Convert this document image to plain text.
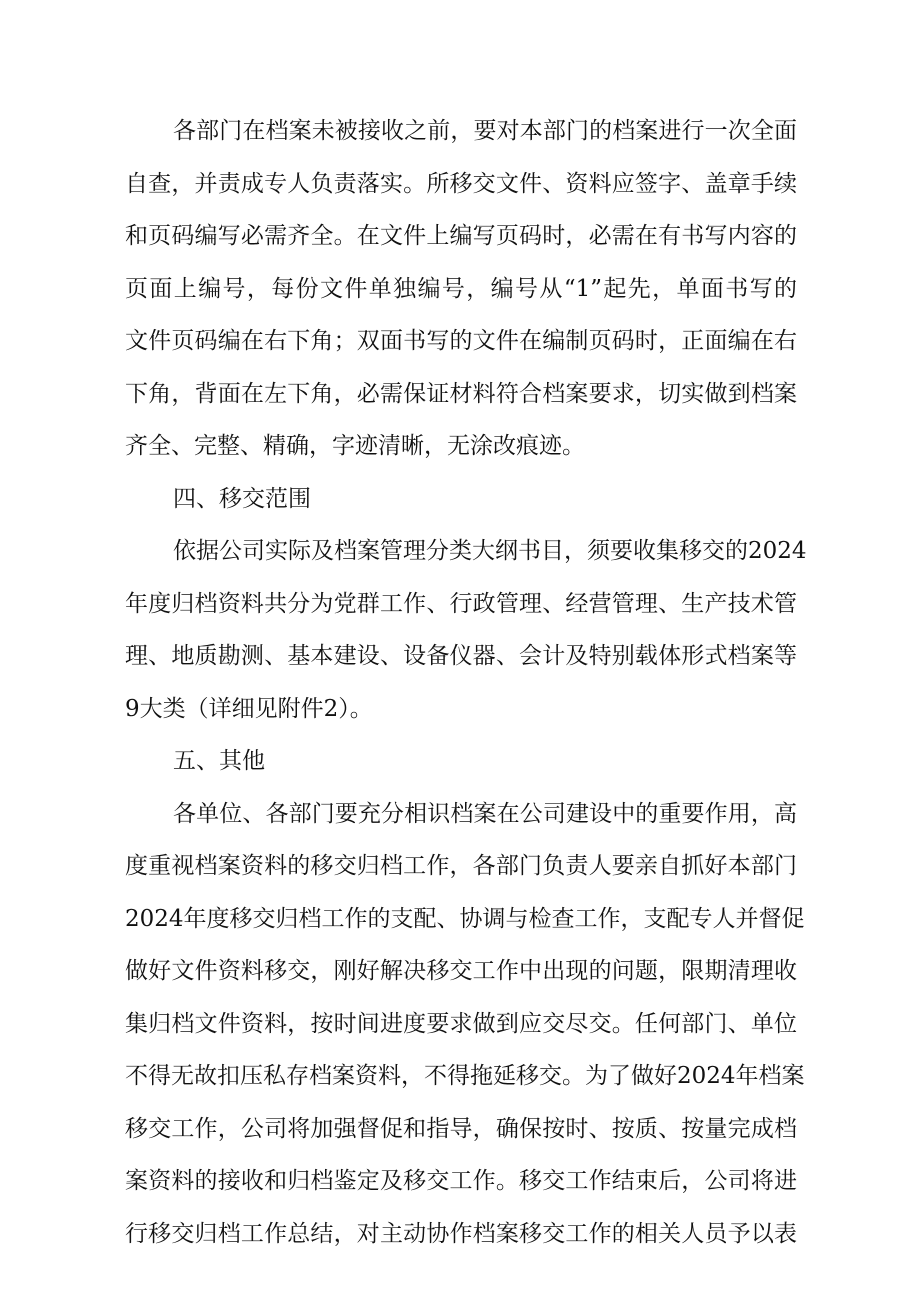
各部门在档案未被接收之前，要对本部门的档案进行一次全面
自查，并责成专人负责落实。所移交文件、资料应签字、盖章手续
和页码编写必需齐全。在文件上编写页码时，必需在有书写内容的
页面上编号，每份文件单独编号，编号从“1”起先，单面书写的
文件页码编在右下角；双面书写的文件在编制页码时，正面编在右
下角，背面在左下角，必需保证材料符合档案要求，切实做到档案
齐全、完整、精确，字迹清晰，无涂改痕迹。
四、移交范围
依据公司实际及档案管理分类大纲书目，须要收集移交的2024
年度归档资料共分为党群工作、行政管理、经营管理、生产技术管
理、地质勘测、基本建设、设备仪器、会计及特别载体形式档案等
9大类（详细见附件2）。
五、其他
各单位、各部门要充分相识档案在公司建设中的重要作用，高
度重视档案资料的移交归档工作，各部门负责人要亲自抓好本部门
2024年度移交归档工作的支配、协调与检查工作，支配专人并督促
做好文件资料移交，刚好解决移交工作中出现的问题，限期清理收
集归档文件资料，按时间进度要求做到应交尽交。任何部门、单位
不得无故扣压私存档案资料，不得拖延移交。为了做好2024年档案
移交工作，公司将加强督促和指导，确保按时、按质、按量完成档
案资料的接收和归档鉴定及移交工作。移交工作结束后，公司将进
行移交归档工作总结，对主动协作档案移交工作的相关人员予以表
